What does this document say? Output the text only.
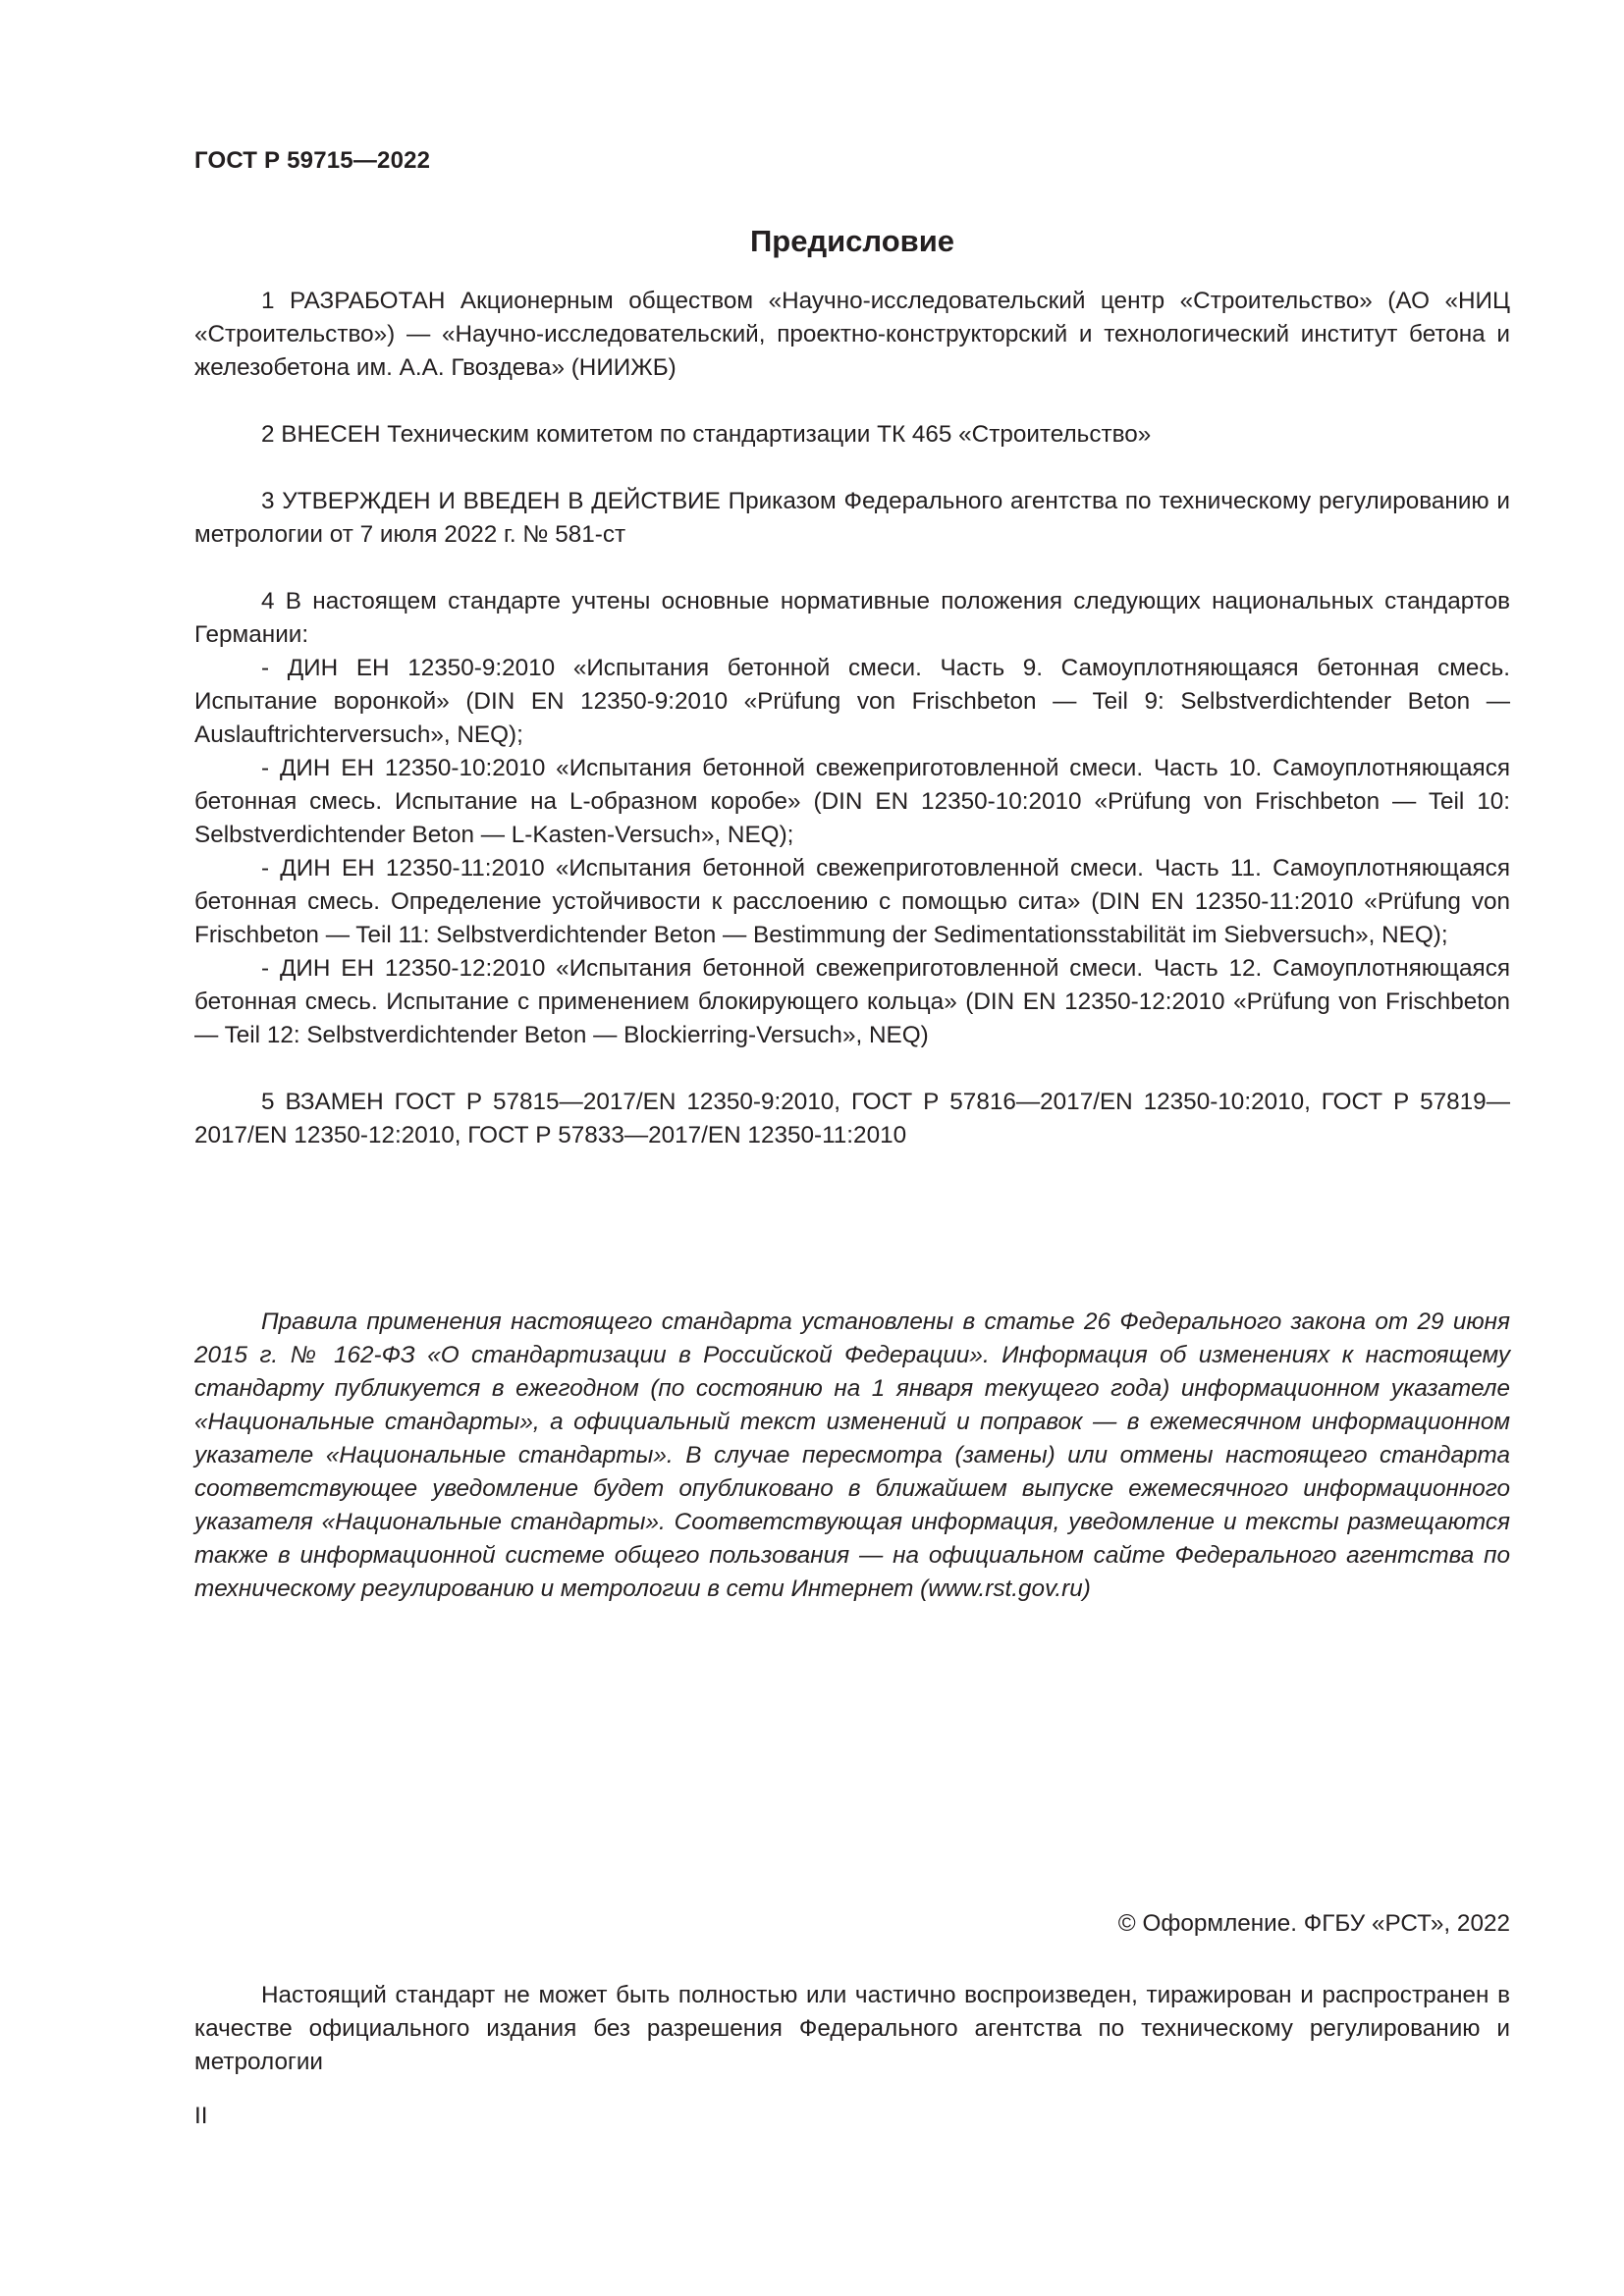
ГОСТ Р 59715—2022
Предисловие

1 РАЗРАБОТАН Акционерным обществом «Научно-исследовательский центр «Строительство» (АО «НИЦ «Строительство») — «Научно-исследовательский, проектно-конструкторский и технологический институт бетона и железобетона им. А.А. Гвоздева» (НИИЖБ)

2 ВНЕСЕН Техническим комитетом по стандартизации ТК 465 «Строительство»

3 УТВЕРЖДЕН И ВВЕДЕН В ДЕЙСТВИЕ Приказом Федерального агентства по техническому регулированию и метрологии от 7 июля 2022 г. № 581-ст

4 В настоящем стандарте учтены основные нормативные положения следующих национальных стандартов Германии:

- ДИН ЕН 12350-9:2010 «Испытания бетонной смеси. Часть 9. Самоуплотняющаяся бетонная смесь. Испытание воронкой» (DIN EN 12350-9:2010 «Prüfung von Frischbeton — Teil 9: Selbstverdichtender Beton — Auslauftrichterversuch», NEQ);

- ДИН ЕН 12350-10:2010 «Испытания бетонной свежеприготовленной смеси. Часть 10. Самоуплотняющаяся бетонная смесь. Испытание на L-образном коробе» (DIN EN 12350-10:2010 «Prüfung von Frischbeton — Teil 10: Selbstverdichtender Beton — L-Kasten-Versuch», NEQ);

- ДИН ЕН 12350-11:2010 «Испытания бетонной свежеприготовленной смеси. Часть 11. Самоуплотняющаяся бетонная смесь. Определение устойчивости к расслоению с помощью сита» (DIN EN 12350-11:2010 «Prüfung von Frischbeton — Teil 11: Selbstverdichtender Beton — Bestimmung der Sedimentationsstabilität im Siebversuch», NEQ);

- ДИН ЕН 12350-12:2010 «Испытания бетонной свежеприготовленной смеси. Часть 12. Самоуплотняющаяся бетонная смесь. Испытание с применением блокирующего кольца» (DIN EN 12350-12:2010 «Prüfung von Frischbeton — Teil 12: Selbstverdichtender Beton — Blockierring-Versuch», NEQ)

5 ВЗАМЕН ГОСТ Р 57815—2017/EN 12350-9:2010, ГОСТ Р 57816—2017/EN 12350-10:2010, ГОСТ Р 57819—2017/EN 12350-12:2010, ГОСТ Р 57833—2017/EN 12350-11:2010

Правила применения настоящего стандарта установлены в статье 26 Федерального закона от 29 июня 2015 г. № 162-ФЗ «О стандартизации в Российской Федерации». Информация об изменениях к настоящему стандарту публикуется в ежегодном (по состоянию на 1 января текущего года) информационном указателе «Национальные стандарты», а официальный текст изменений и поправок — в ежемесячном информационном указателе «Национальные стандарты». В случае пересмотра (замены) или отмены настоящего стандарта соответствующее уведомление будет опубликовано в ближайшем выпуске ежемесячного информационного указателя «Национальные стандарты». Соответствующая информация, уведомление и тексты размещаются также в информационной системе общего пользования — на официальном сайте Федерального агентства по техническому регулированию и метрологии в сети Интернет (www.rst.gov.ru)

© Оформление. ФГБУ «РСТ», 2022

Настоящий стандарт не может быть полностью или частично воспроизведен, тиражирован и распространен в качестве официального издания без разрешения Федерального агентства по техническому регулированию и метрологии

II
